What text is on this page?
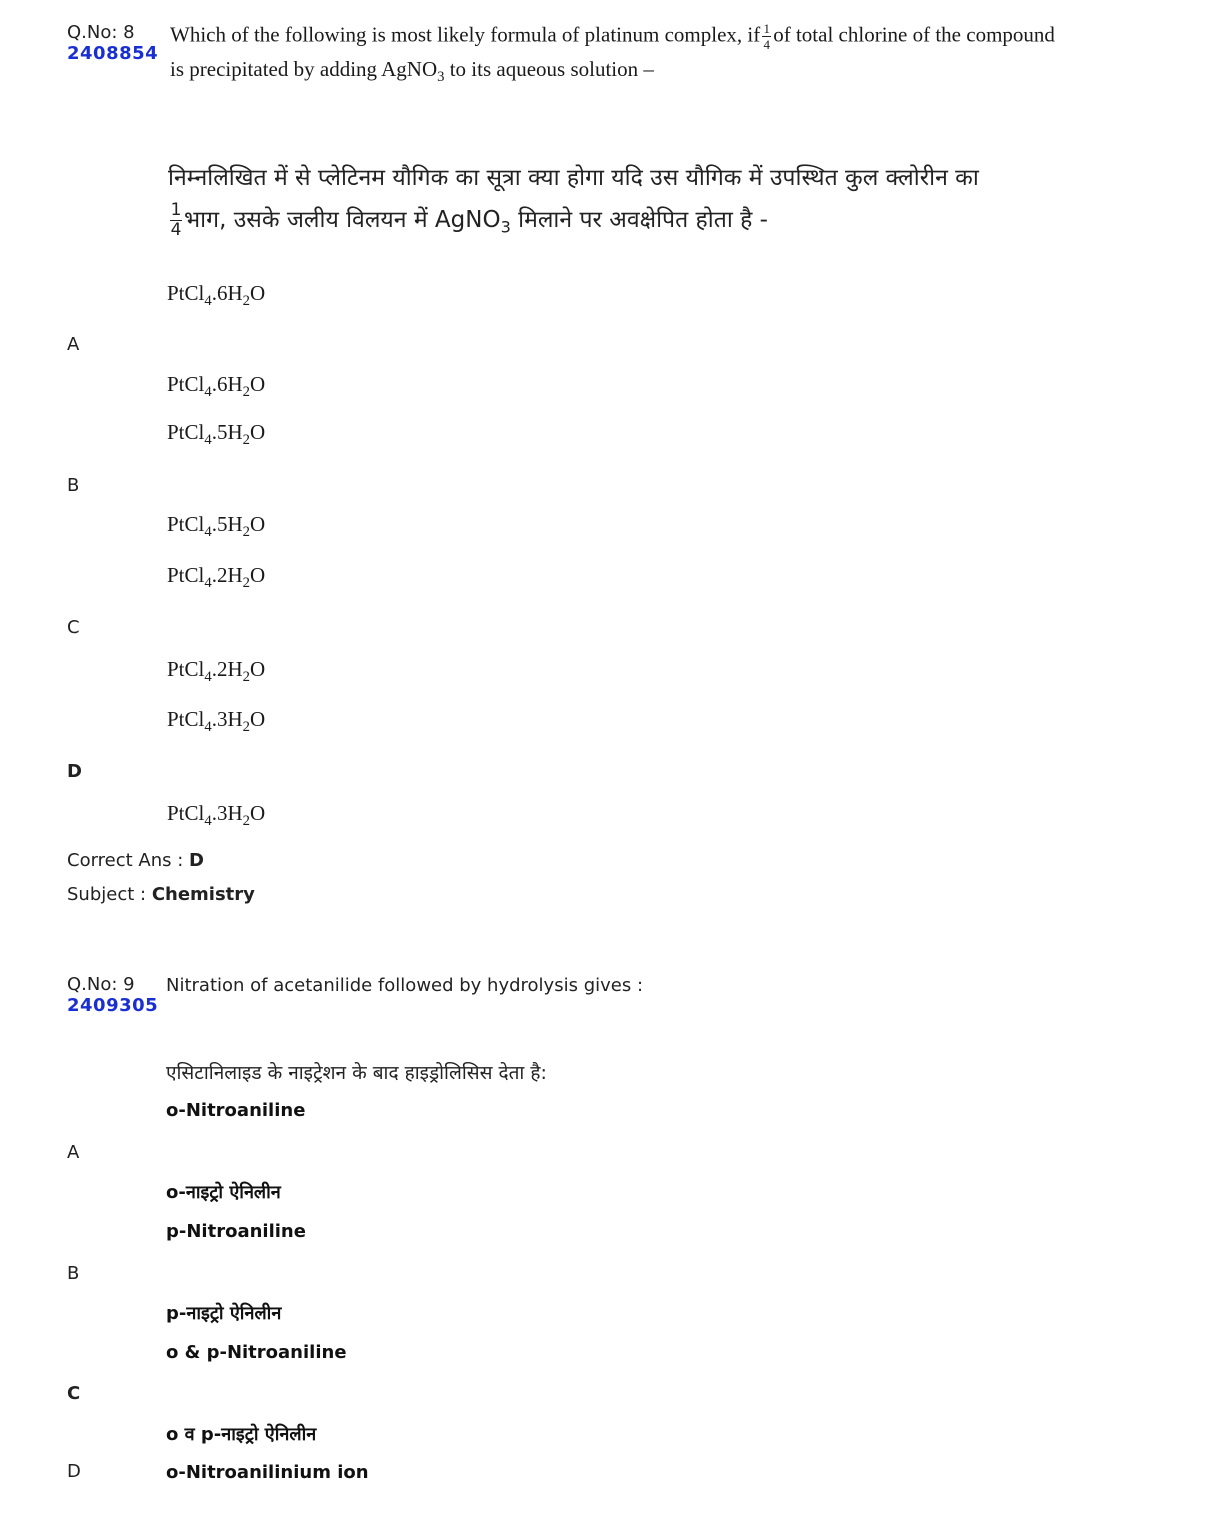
Q.No: 8
2408854
Which of the following is most likely formula of platinum complex, if $\frac{1}{4}$ of total chlorine of the compound
is precipitated by adding AgNO$_3$ to its aqueous solution –
निम्नलिखित में से प्लेटिनम यौगिक का सूत्रा क्या होगा यदि उस यौगिक में उपस्थित कुल क्लोरीन का
$\frac{1}{4}$ भाग, उसके जलीय विलयन में AgNO$_3$ मिलाने पर अवक्षेपित होता है -
$PtCl_4.6H_2O$
A
$PtCl_4.6H_2O$
$PtCl_4.5H_2O$
B
$PtCl_4.5H_2O$
$PtCl_4.2H_2O$
C
$PtCl_4.2H_2O$
$PtCl_4.3H_2O$
D
$PtCl_4.3H_2O$
Correct Ans : D
Subject : Chemistry
Q.No: 9
2409305
Nitration of acetanilide followed by hydrolysis gives :
एसिटानिलाइड के नाइट्रेशन के बाद हाइड्रोलिसिस देता है:
o-Nitroaniline
A
o-नाइट्रो ऐनिलीन
p-Nitroaniline
B
p-नाइट्रो ऐनिलीन
o & p-Nitroaniline
C
o व p-नाइट्रो ऐनिलीन
D	o-Nitroanilinium ion
